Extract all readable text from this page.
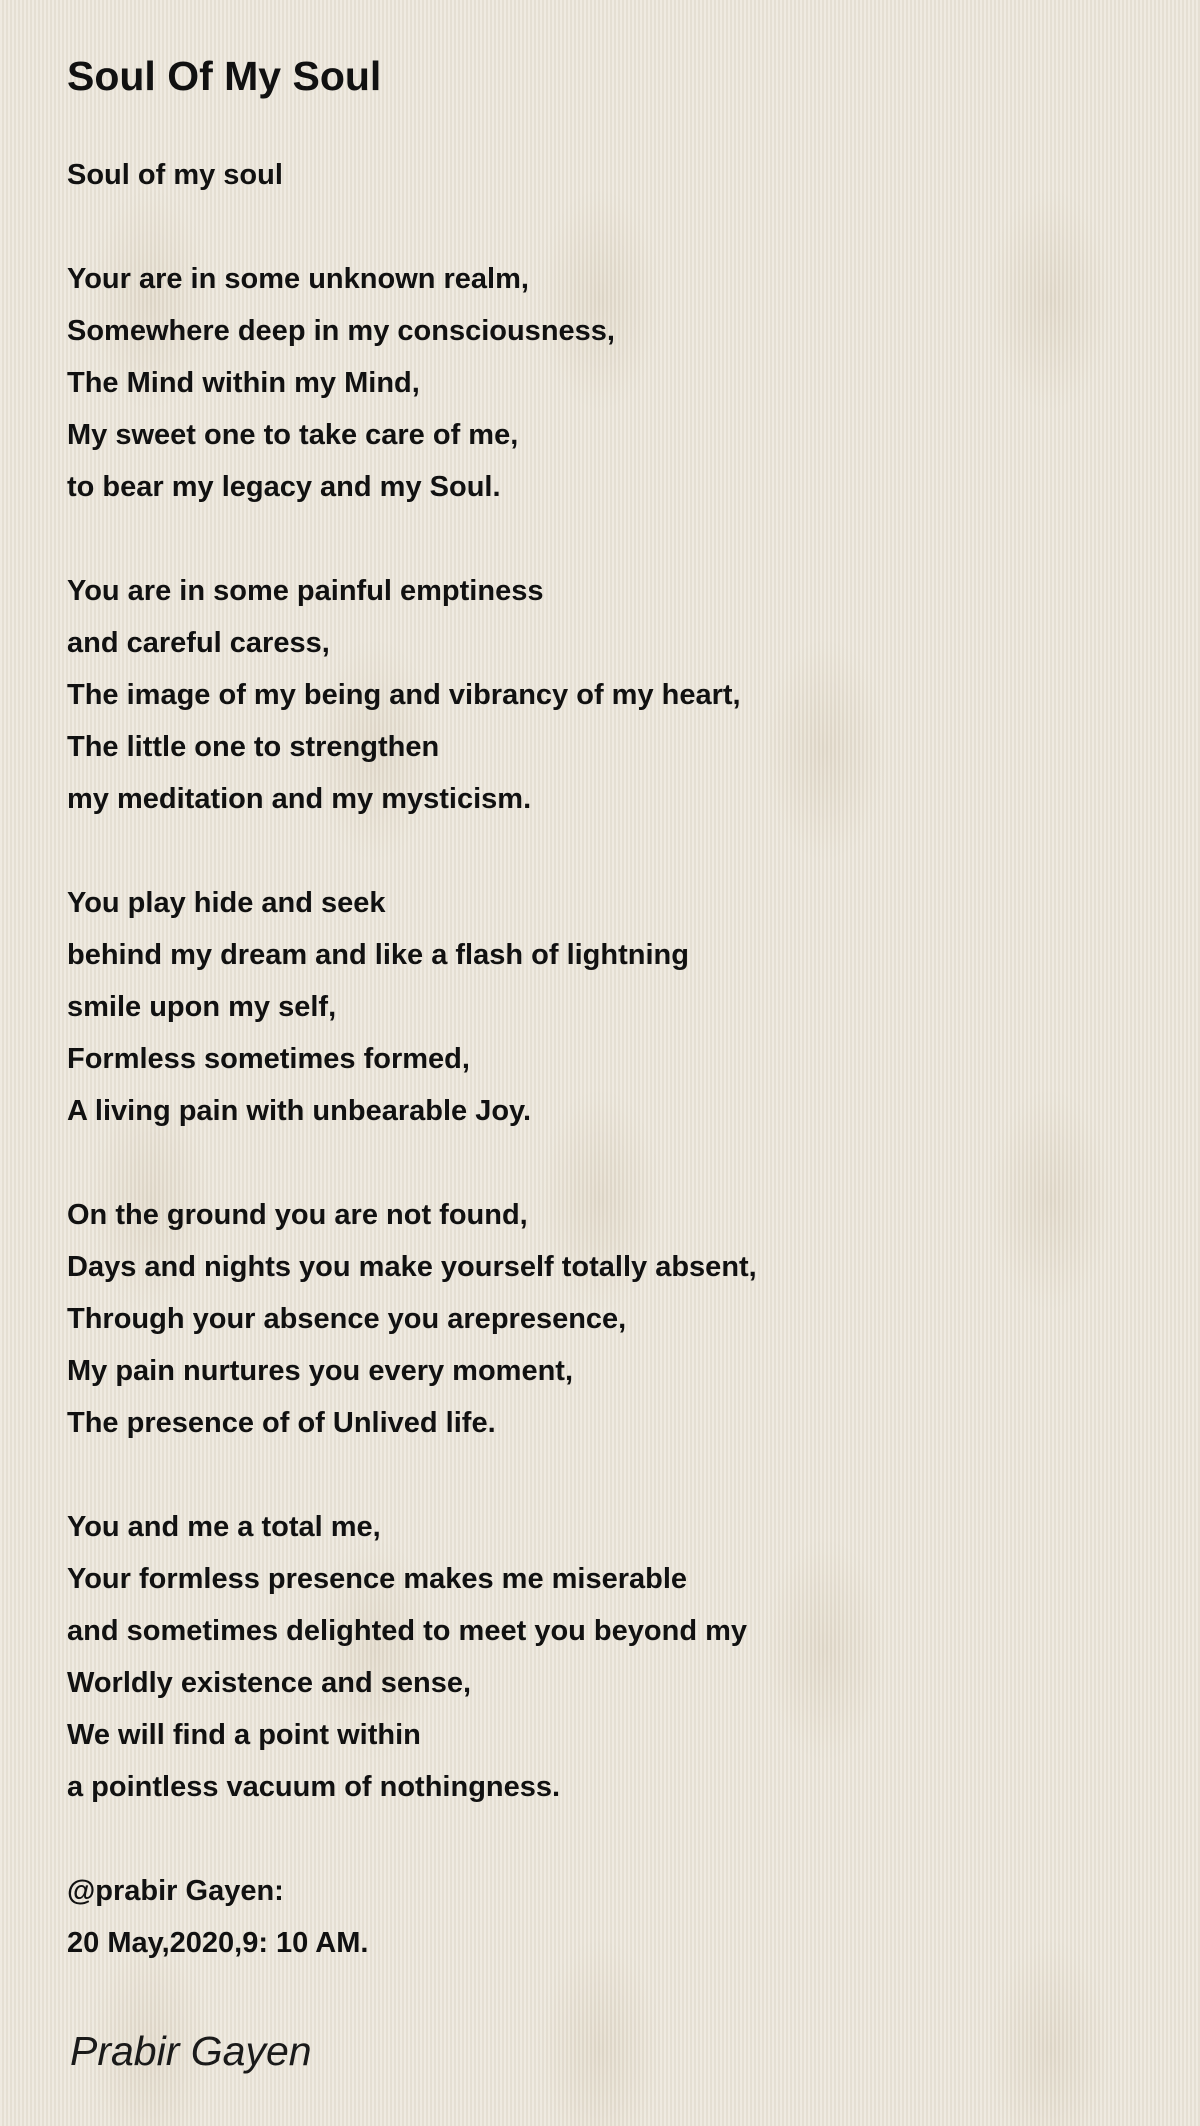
Soul Of My Soul
Soul of my soul
Your are in some unknown realm,
Somewhere deep in my consciousness,
The Mind within my Mind,
My sweet one to take care of me,
to bear my legacy and my Soul.
You are in some painful emptiness
and careful caress,
The image of my being and vibrancy of my heart,
The little one to strengthen
my meditation and my mysticism.
You play hide and seek
behind my dream and like a flash of lightning
smile upon my self,
Formless sometimes formed,
A living pain with unbearable Joy.
On the ground you are not found,
Days and nights you make yourself totally absent,
Through your absence you arepresence,
My pain nurtures you every moment,
The presence of of Unlived life.
You and me a total me,
Your formless presence makes me miserable
and sometimes delighted to meet you beyond my
Worldly existence and sense,
We will find a point within
a pointless vacuum of nothingness.
@prabir Gayen:
20 May,2020,9: 10 AM.
Prabir Gayen
